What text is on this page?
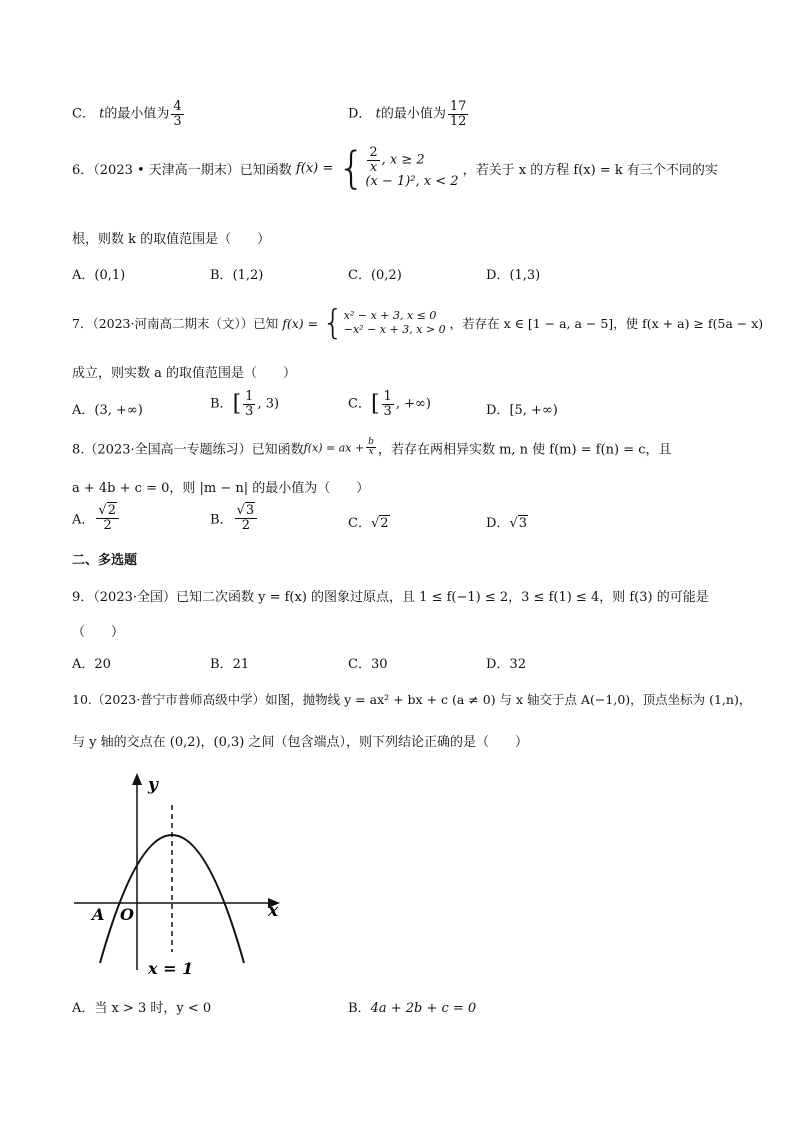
C． t的最小值为 $\frac{4}{3}$	D． t的最小值为 $\frac{17}{12}$
6．（2023 • 天津高一期末）已知函数 f(x) = { $\frac{2}{x}$ , x ≥ 2
(x − 1)², x < 2
，若关于 x 的方程 f(x) = k 有三个不同的实
根，则数 k 的取值范围是（　　）
A．(0,1)	B．(1,2)	C．(0,2)	D．(1,3)
7．（2023·河南高二期末（文））已知 f(x) = { x² − x + 3, x ≤ 0
−x² − x + 3, x > 0 ，若存在 x ∈ [1 − a, a − 5]，使 f(x + a) ≥ f(5a − x)
成立，则实数 a 的取值范围是（　　）
A．(3, +∞)	B．[ $\frac{1}{3}$ , 3)	C．[ $\frac{1}{3}$ , +∞)	D．[5, +∞)
8.（2023·全国高一专题练习）已知函数f(x) = ax + $\frac{b}{x}$ ，若存在两相异实数 m, n 使 f(m) = f(n) = c，且
a + 4b + c = 0，则 |m − n| 的最小值为（　　）
A． $\frac{√2}{2}$	B． $\frac{√3}{2}$	C．√2	D．√3
二、多选题
9．（2023·全国）已知二次函数 y = f(x) 的图象过原点，且 1 ≤ f(−1) ≤ 2，3 ≤ f(1) ≤ 4，则 f(3) 的可能是
（　　）
A．20	B．21	C．30	D．32
10.（2023·普宁市普师高级中学）如图，抛物线 y = ax² + bx + c (a ≠ 0) 与 x 轴交于点 A(−1,0)，顶点坐标为 (1,n)，
与 y 轴的交点在 (0,2)，(0,3) 之间（包含端点），则下列结论正确的是（　　）
y
x
A O
x = 1
A．当 x > 3 时，y < 0	B．4a + 2b + c = 0
